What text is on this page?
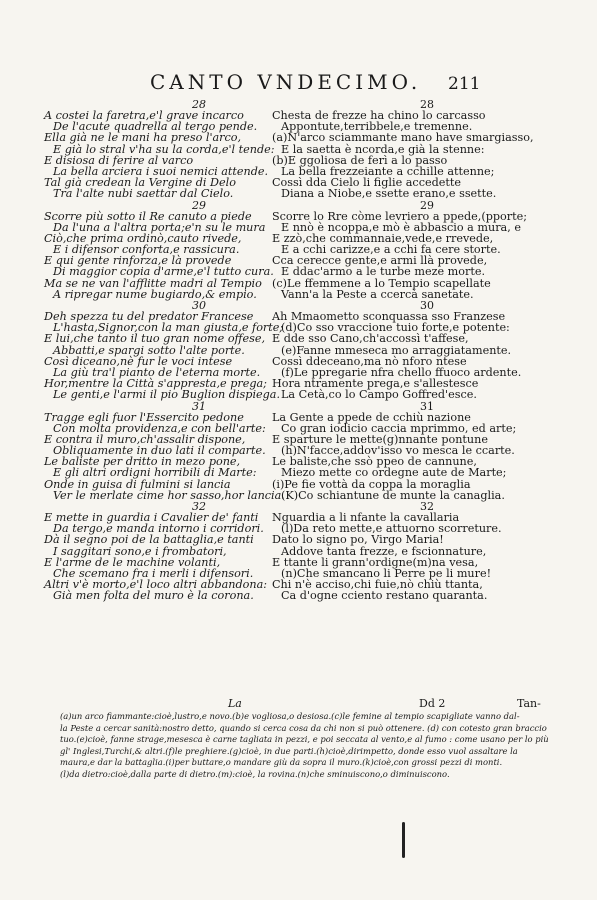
CANTO VNDECIMO. 211
28
A costei la faretra,e'l grave incarco
De l'acute quadrella al tergo pende.
Ella già ne le mani ha preso l'arco,
E già lo stral v'ha su la corda,e'l tende:
E disiosa di ferire al varco
La bella arciera i suoi nemici attende.
Tal già credean la Vergine di Delo
Tra l'alte nubi saettar dal Cielo.
29
Scorre più sotto il Re canuto a piede
Da l'una a l'altra porta;e'n su le mura
Ciò,che prima ordinò,cauto rivede,
E i difensor conforta,e rassicura.
E qui gente rinforza,e là provede
Di maggior copia d'arme,e'l tutto cura.
Ma se ne van l'afflitte madri al Tempio
A ripregar nume bugiardo,& empio.
30
Deh spezza tu del predator Francese
L'hasta,Signor,con la man giusta,e forte;
E lui,che tanto il tuo gran nome offese,
Abbatti,e spargi sotto l'alte porte.
Così diceano,nè fur le voci intese
La giù tra'l pianto de l'eterna morte.
Hor,mentre la Città s'appresta,e prega;
Le genti,e l'armi il pio Buglion dispiega.
31
Tragge egli fuor l'Essercito pedone
Con molta providenza,e con bell'arte:
E contra il muro,ch'assalir dispone,
Obliquamente in duo lati il comparte.
Le baliste per dritto in mezo pone,
E gli altri ordigni horribili di Marte:
Onde in guisa di fulmini si lancia
Ver le merlate cime hor sasso,hor lancia.
32
E mette in guardia i Cavalier de' fanti
Da tergo,e manda intorno i corridori.
Dà il segno poi de la battaglia,e tanti
I saggitari sono,e i frombatori,
E l'arme de le machine volanti,
Che scemano fra i merli i difensori.
Altri v'è morto,e'l loco altri abbandona:
Già men folta del muro è la corona.
28
Chesta de frezze ha chino lo carcasso
Appontute,terribbele,e tremenne.
(a)N'arco sciammante mano have smargiasso,
E la saetta è ncorda,e già la stenne:
(b)E ggoliosa de ferì a lo passo
La bella frezzeiante a cchille attenne;
Cossì dda Cielo li figlie accedette
Diana a Niobe,e ssette erano,e ssette.
29
Scorre lo Rre còme levriero a ppede,(pporte;
E nnò è ncoppa,e mò è abbascio a mura, e
E zzò,che commannaie,vede,e rrevede,
E a cchi carizze,e a cchi fa cere storte.
Cca cerecce gente,e armi llà provede,
E ddac'armo a le turbe meze morte.
(c)Le ffemmene a lo Tempio scapellate
Vann'a la Peste a ccercà sanetate.
30
Ah Mmaometto sconquassa sso Franzese
(d)Co sso vraccione tuio forte,e potente:
E dde sso Cano,ch'accossì t'affese,
(e)Fanne mmeseca mo arraggiatamente.
Cossì ddeceano,ma nò nforo ntese
(f)Le ppregarie nfra chello ffuoco ardente.
Hora ntramente prega,e s'allestesce
La Cetà,co lo Campo Goffred'esce.
31
La Gente a ppede de cchiù nazione
Co gran iodicio caccia mprimmo, ed arte;
E sparture le mette(g)nnante pontune
(h)N'facce,addov'isso vo mesca le ccarte.
Le baliste,che ssò ppeo de cannune,
Miezo mette co ordegne aute de Marte;
(i)Pe fie vottà da coppa la moraglia
(K)Co schiantune de munte la canaglia.
32
Nguardia a li nfante la cavallaria
(l)Da reto mette,e attuorno scorreture.
Dato lo signo po, Virgo Maria!
Addove tanta frezze, e fscionnature,
E ttante li grann'ordigne(m)na vesa,
(n)Che smancano li Perre pe li mure!
Chi n'è acciso,chi fuie,nò chiù ttanta,
Ca d'ogne cciento restano quaranta.
La	Dd 2	Tan-
(a)un arco fiammante:cioè,lustro,e novo.(b)e vogliosa,o desiosa.(c)le femine al tempio scapigliate vanno dal-
la Peste a cercar sanità:nostro detto, quando si cerca cosa da chi non si può ottenere. (d) con cotesto gran braccio
tuo.(e)cioè, fanne strage,mesesca è carne tagliata in pezzi, e poi seccata al vento,e al fumo : come usano per lo più
gl' Inglesi,Turchi,& altri.(f)le preghiere.(g)cioè, in due parti.(h)cioè,dirimpetto, donde esso vuol assaltare la
maura,e dar la battaglia.(i)per buttare,o mandare giù da sopra il muro.(k)cioè,con grossi pezzi di monti.
(l)da dietro:cioè,dalla parte di dietro.(m):cioè, la rovina.(n)che sminuiscono,o diminuiscono.
